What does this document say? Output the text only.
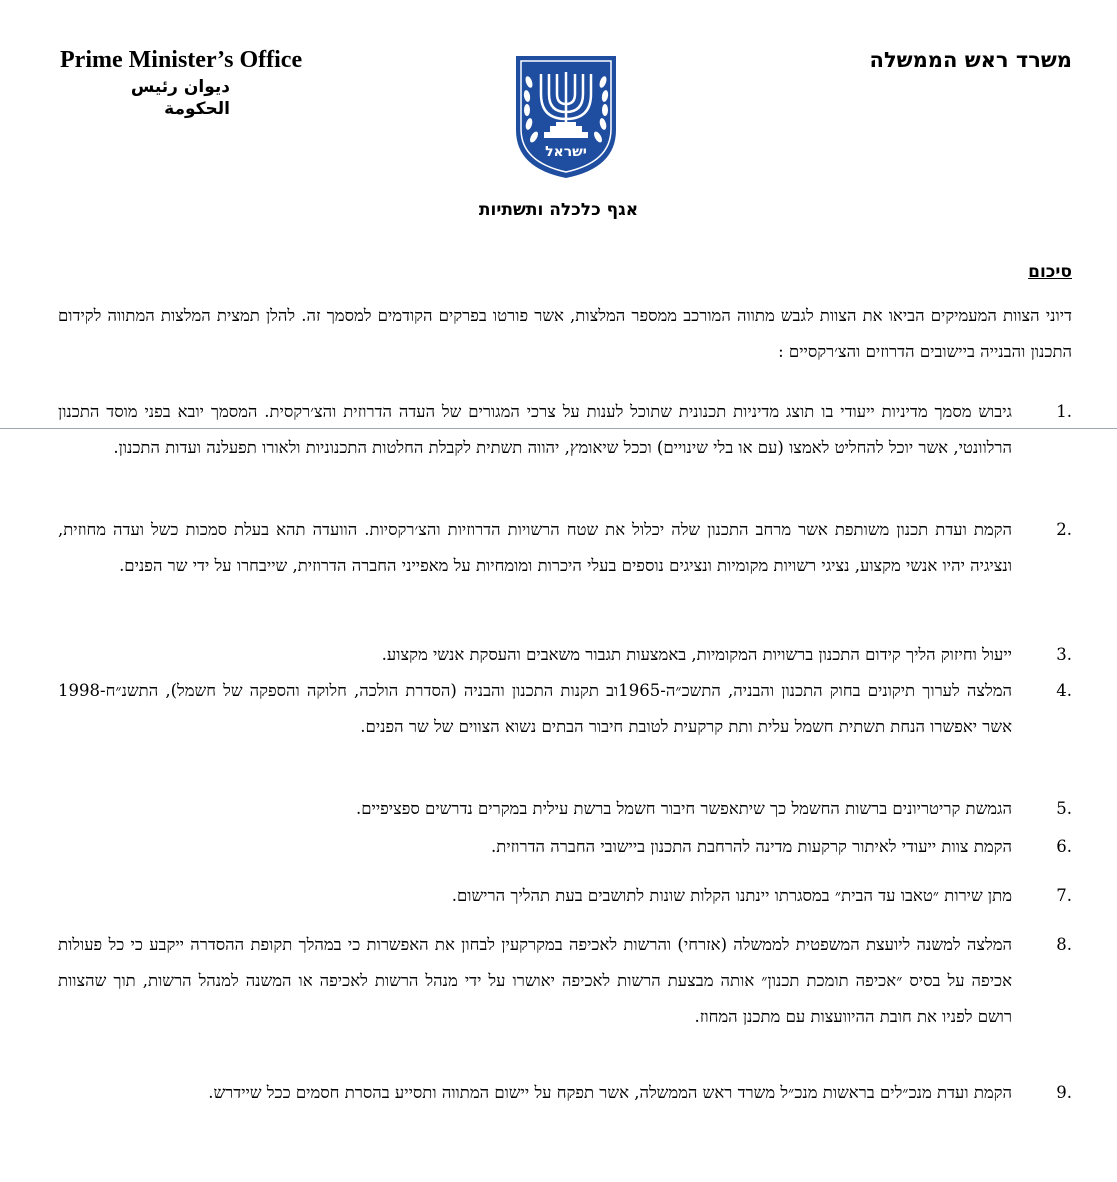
Prime Minister’s Office
ديوان رئيس الحكومة
משרד ראש הממשלה
ישראל
אגף כלכלה ותשתיות
סיכום
דיוני הצוות המעמיקים הביאו את הצוות לגבש מתווה המורכב ממספר המלצות, אשר פורטו בפרקים הקודמים למסמך זה. להלן תמצית המלצות המתווה לקידום התכנון והבנייה ביישובים הדרוזים והצ׳רקסיים :
1.
גיבוש מסמך מדיניות ייעודי בו תוצג מדיניות תכנונית שתוכל לענות על צרכי המגורים של העדה הדרוזית והצ׳רקסית. המסמך יובא בפני מוסד התכנון הרלוונטי, אשר יוכל להחליט לאמצו (עם או בלי שינויים) וככל שיאומץ, יהווה תשתית לקבלת החלטות התכנוניות ולאורו תפעלנה ועדות התכנון.
2.
הקמת ועדת תכנון משותפת אשר מרחב התכנון שלה יכלול את שטח הרשויות הדרוזיות והצ׳רקסיות. הוועדה תהא בעלת סמכות כשל ועדה מחוזית, ונציגיה יהיו אנשי מקצוע, נציגי רשויות מקומיות ונציגים נוספים בעלי היכרות ומומחיות על מאפייני החברה הדרוזית, שייבחרו על ידי שר הפנים.
3.
ייעול וחיזוק הליך קידום התכנון ברשויות המקומיות, באמצעות תגבור משאבים והעסקת אנשי מקצוע.
4.
המלצה לערוך תיקונים בחוק התכנון והבניה, התשכ״ה-1965וב תקנות התכנון והבניה (הסדרת הולכה, חלוקה והספקה של חשמל), התשנ״ח-1998 אשר יאפשרו הנחת תשתית חשמל עלית ותת קרקעית לטובת חיבור הבתים נשוא הצווים של שר הפנים.
5.
הגמשת קריטריונים ברשות החשמל כך שיתאפשר חיבור חשמל ברשת עילית במקרים נדרשים ספציפיים.
6.
הקמת צוות ייעודי לאיתור קרקעות מדינה להרחבת התכנון ביישובי החברה הדרוזית.
7.
מתן שירות ״טאבו עד הבית״ במסגרתו יינתנו הקלות שונות לתושבים בעת תהליך הרישום.
8.
המלצה למשנה ליועצת המשפטית לממשלה (אזרחי) והרשות לאכיפה במקרקעין לבחון את האפשרות כי במהלך תקופת ההסדרה ייקבע כי כל פעולות אכיפה על בסיס ״אכיפה תומכת תכנון״ אותה מבצעת הרשות לאכיפה יאושרו על ידי מנהל הרשות לאכיפה או המשנה למנהל הרשות, תוך שהצוות רושם לפניו את חובת ההיוועצות עם מתכנן המחוז.
9.
הקמת ועדת מנכ״לים בראשות מנכ״ל משרד ראש הממשלה, אשר תפקח על יישום המתווה ותסייע בהסרת חסמים ככל שיידרש.
